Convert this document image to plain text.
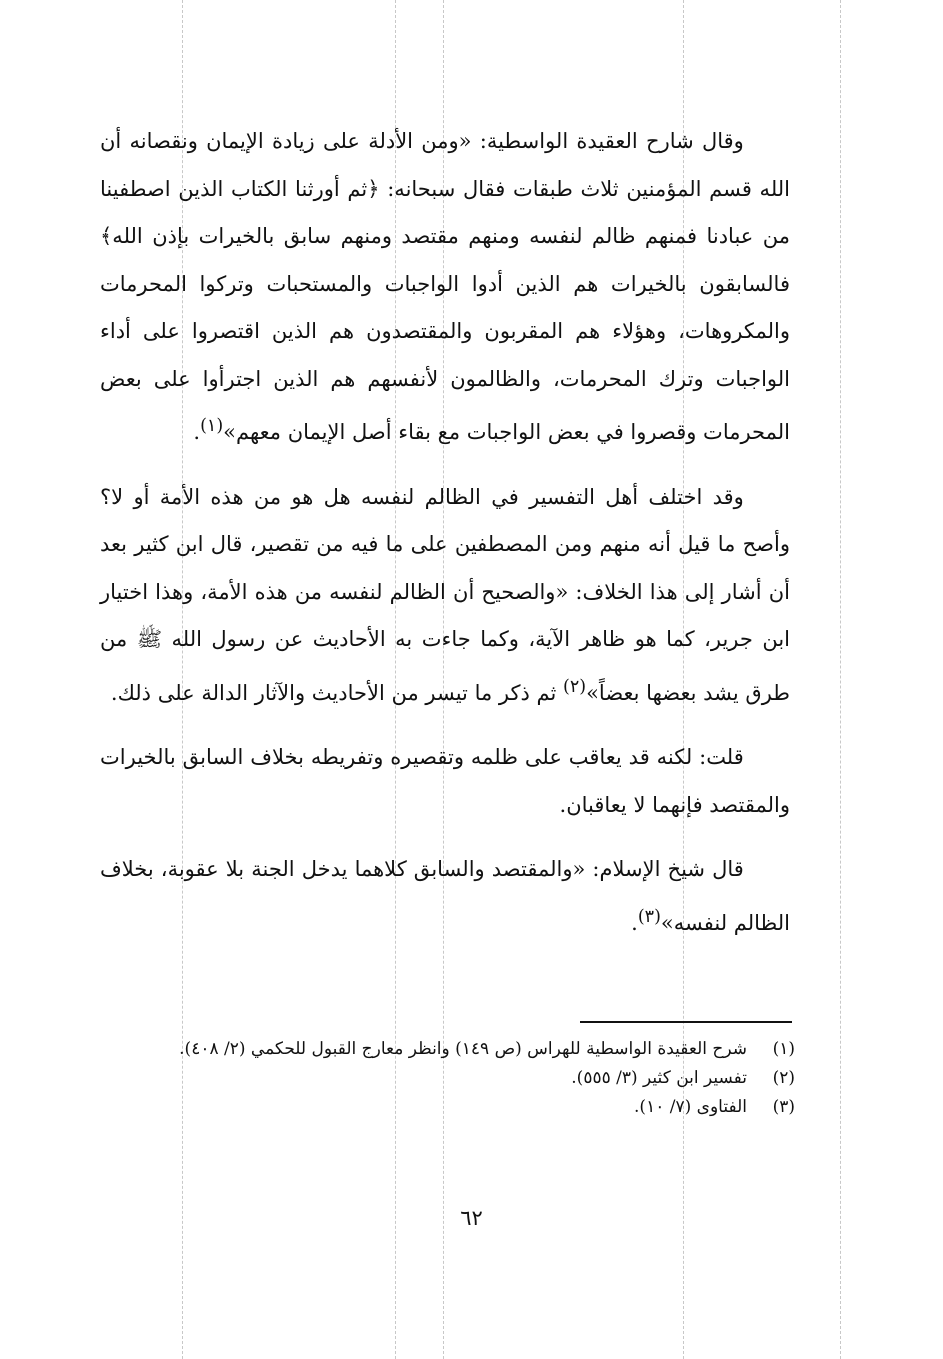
وقال شارح العقيدة الواسطية: «ومن الأدلة على زيادة الإيمان ونقصانه أن الله قسم المؤمنين ثلاث طبقات فقال سبحانه: ﴿ثم أورثنا الكتاب الذين اصطفينا من عبادنا فمنهم ظالم لنفسه ومنهم مقتصد ومنهم سابق بالخيرات بإذن الله﴾ فالسابقون بالخيرات هم الذين أدوا الواجبات والمستحبات وتركوا المحرمات والمكروهات، وهؤلاء هم المقربون والمقتصدون هم الذين اقتصروا على أداء الواجبات وترك المحرمات، والظالمون لأنفسهم هم الذين اجترأوا على بعض المحرمات وقصروا في بعض الواجبات مع بقاء أصل الإيمان معهم»$^{(١)}$.

وقد اختلف أهل التفسير في الظالم لنفسه هل هو من هذه الأمة أو لا؟ وأصح ما قيل أنه منهم ومن المصطفين على ما فيه من تقصير، قال ابن كثير بعد أن أشار إلى هذا الخلاف: «والصحيح أن الظالم لنفسه من هذه الأمة، وهذا اختيار ابن جرير، كما هو ظاهر الآية، وكما جاءت به الأحاديث عن رسول الله ﷺ من طرق يشد بعضها بعضاً»$^{(٢)}$ ثم ذكر ما تيسر من الأحاديث والآثار الدالة على ذلك.

قلت: لكنه قد يعاقب على ظلمه وتقصيره وتفريطه بخلاف السابق بالخيرات والمقتصد فإنهما لا يعاقبان.

قال شيخ الإسلام: «والمقتصد والسابق كلاهما يدخل الجنة بلا عقوبة، بخلاف الظالم لنفسه»$^{(٣)}$.

(١)
شرح العقيدة الواسطية للهراس (ص ١٤٩) وانظر معارج القبول للحكمي (٢/ ٤٠٨).
(٢)
تفسير ابن كثير (٣/ ٥٥٥).
(٣)
الفتاوى (٧/ ١٠).
٦٢
